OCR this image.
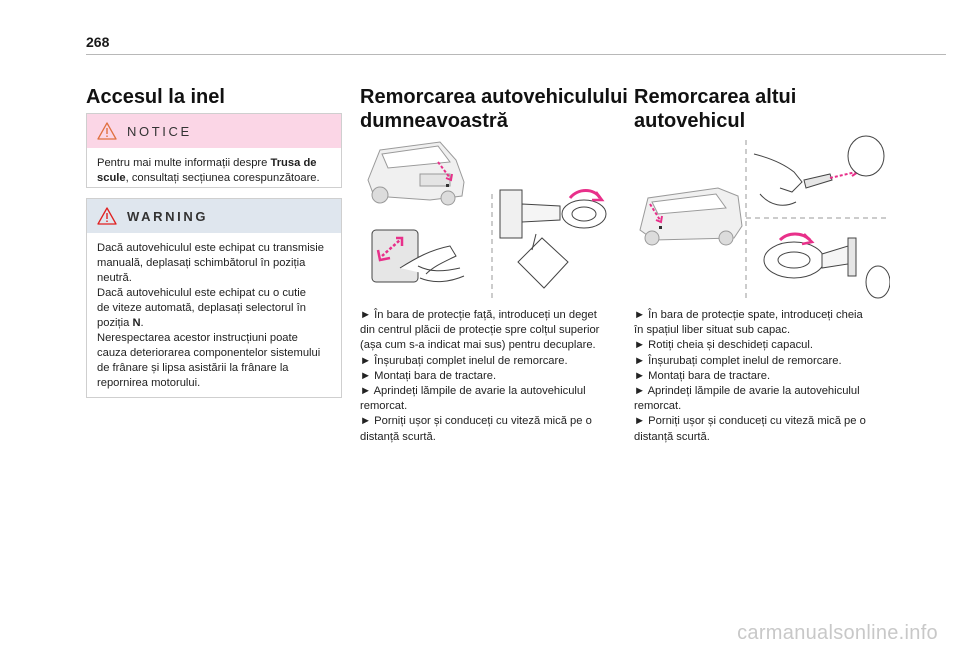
268
Accesul la inel
NOTICE
Pentru mai multe informații despre Trusa de
scule, consultați secțiunea corespunzătoare.
WARNING
Dacă autovehiculul este echipat cu transmisie
manuală, deplasați schimbătorul în poziția
neutră.
Dacă autovehiculul este echipat cu o cutie
de viteze automată, deplasați selectorul în
poziția N.
Nerespectarea acestor instrucțiuni poate
cauza deteriorarea componentelor sistemului
de frânare și lipsa asistării la frânare la
repornirea motorului.
Remorcarea autovehiculului
dumneavoastră
► În bara de protecție față, introduceți un deget
din centrul plăcii de protecție spre colțul superior
(așa cum s-a indicat mai sus) pentru decuplare.
► Înșurubați complet inelul de remorcare.
► Montați bara de tractare.
► Aprindeți lămpile de avarie la autovehiculul
remorcat.
► Porniți ușor și conduceți cu viteză mică pe o
distanță scurtă.
Remorcarea altui
autovehicul
► În bara de protecție spate, introduceți cheia
în spațiul liber situat sub capac.
► Rotiți cheia și deschideți capacul.
► Înșurubați complet inelul de remorcare.
► Montați bara de tractare.
► Aprindeți lămpile de avarie la autovehiculul
remorcat.
► Porniți ușor și conduceți cu viteză mică pe o
distanță scurtă.
carmanualsonline.info
